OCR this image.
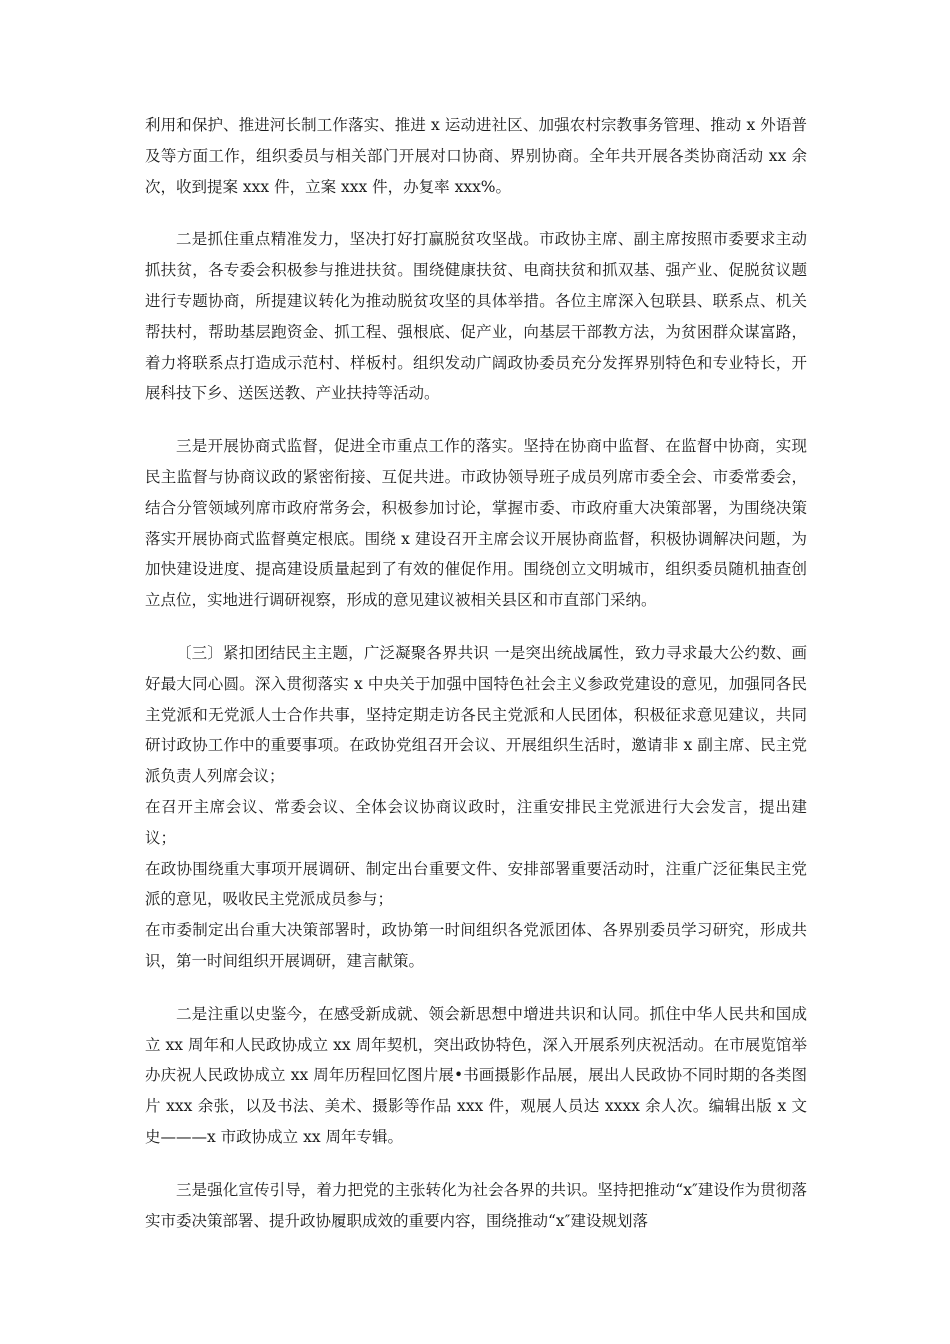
利用和保护、推进河长制工作落实、推进 x 运动进社区、加强农村宗教事务管理、推动 x 外语普及等方面工作，组织委员与相关部门开展对口协商、界别协商。全年共开展各类协商活动 xx 余次，收到提案 xxx 件，立案 xxx 件，办复率 xxx%。

二是抓住重点精准发力，坚决打好打赢脱贫攻坚战。市政协主席、副主席按照市委要求主动抓扶贫，各专委会积极参与推进扶贫。围绕健康扶贫、电商扶贫和抓双基、强产业、促脱贫议题进行专题协商，所提建议转化为推动脱贫攻坚的具体举措。各位主席深入包联县、联系点、机关帮扶村，帮助基层跑资金、抓工程、强根底、促产业，向基层干部教方法，为贫困群众谋富路，着力将联系点打造成示范村、样板村。组织发动广阔政协委员充分发挥界别特色和专业特长，开展科技下乡、送医送教、产业扶持等活动。

三是开展协商式监督，促进全市重点工作的落实。坚持在协商中监督、在监督中协商，实现民主监督与协商议政的紧密衔接、互促共进。市政协领导班子成员列席市委全会、市委常委会，结合分管领域列席市政府常务会，积极参加讨论，掌握市委、市政府重大决策部署，为围绕决策落实开展协商式监督奠定根底。围绕 x 建设召开主席会议开展协商监督，积极协调解决问题，为加快建设进度、提高建设质量起到了有效的催促作用。围绕创立文明城市，组织委员随机抽查创立点位，实地进行调研视察，形成的意见建议被相关县区和市直部门采纳。

〔三〕紧扣团结民主主题，广泛凝聚各界共识 一是突出统战属性，致力寻求最大公约数、画好最大同心圆。深入贯彻落实 x 中央关于加强中国特色社会主义参政党建设的意见，加强同各民主党派和无党派人士合作共事，坚持定期走访各民主党派和人民团体，积极征求意见建议，共同研讨政协工作中的重要事项。在政协党组召开会议、开展组织生活时，邀请非 x 副主席、民主党派负责人列席会议；

在召开主席会议、常委会议、全体会议协商议政时，注重安排民主党派进行大会发言，提出建议；

在政协围绕重大事项开展调研、制定出台重要文件、安排部署重要活动时，注重广泛征集民主党派的意见，吸收民主党派成员参与；

在市委制定出台重大决策部署时，政协第一时间组织各党派团体、各界别委员学习研究，形成共识，第一时间组织开展调研，建言献策。

二是注重以史鉴今，在感受新成就、领会新思想中增进共识和认同。抓住中华人民共和国成立 xx 周年和人民政协成立 xx 周年契机，突出政协特色，深入开展系列庆祝活动。在市展览馆举办庆祝人民政协成立 xx 周年历程回忆图片展•书画摄影作品展，展出人民政协不同时期的各类图片 xxx 余张，以及书法、美术、摄影等作品 xxx 件，观展人员达 xxxx 余人次。编辑出版 x 文史———x 市政协成立 xx 周年专辑。

三是强化宣传引导，着力把党的主张转化为社会各界的共识。坚持把推动“x″建设作为贯彻落实市委决策部署、提升政协履职成效的重要内容，围绕推动“x″建设规划落
